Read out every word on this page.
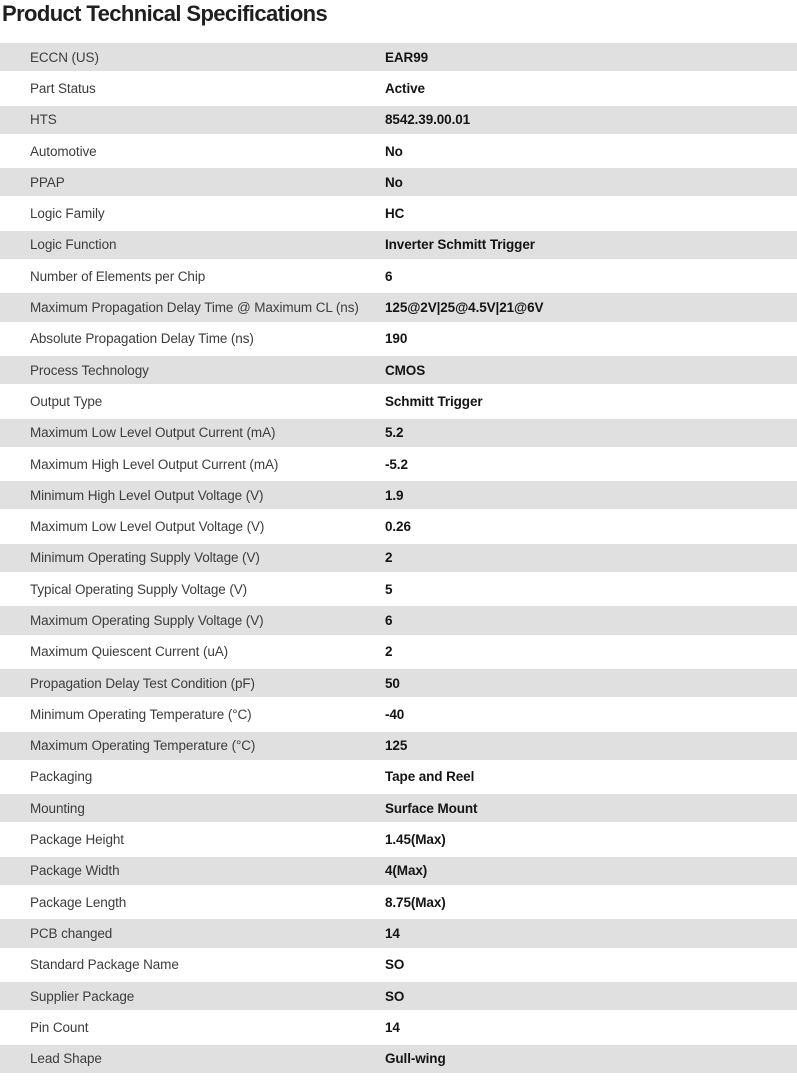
Product Technical Specifications
ECCN (US)	EAR99
Part Status	Active
HTS	8542.39.00.01
Automotive	No
PPAP	No
Logic Family	HC
Logic Function	Inverter Schmitt Trigger
Number of Elements per Chip	6
Maximum Propagation Delay Time @ Maximum CL (ns)	125@2V|25@4.5V|21@6V
Absolute Propagation Delay Time (ns)	190
Process Technology	CMOS
Output Type	Schmitt Trigger
Maximum Low Level Output Current (mA)	5.2
Maximum High Level Output Current (mA)	-5.2
Minimum High Level Output Voltage (V)	1.9
Maximum Low Level Output Voltage (V)	0.26
Minimum Operating Supply Voltage (V)	2
Typical Operating Supply Voltage (V)	5
Maximum Operating Supply Voltage (V)	6
Maximum Quiescent Current (uA)	2
Propagation Delay Test Condition (pF)	50
Minimum Operating Temperature (°C)	-40
Maximum Operating Temperature (°C)	125
Packaging	Tape and Reel
Mounting	Surface Mount
Package Height	1.45(Max)
Package Width	4(Max)
Package Length	8.75(Max)
PCB changed	14
Standard Package Name	SO
Supplier Package	SO
Pin Count	14
Lead Shape	Gull-wing
